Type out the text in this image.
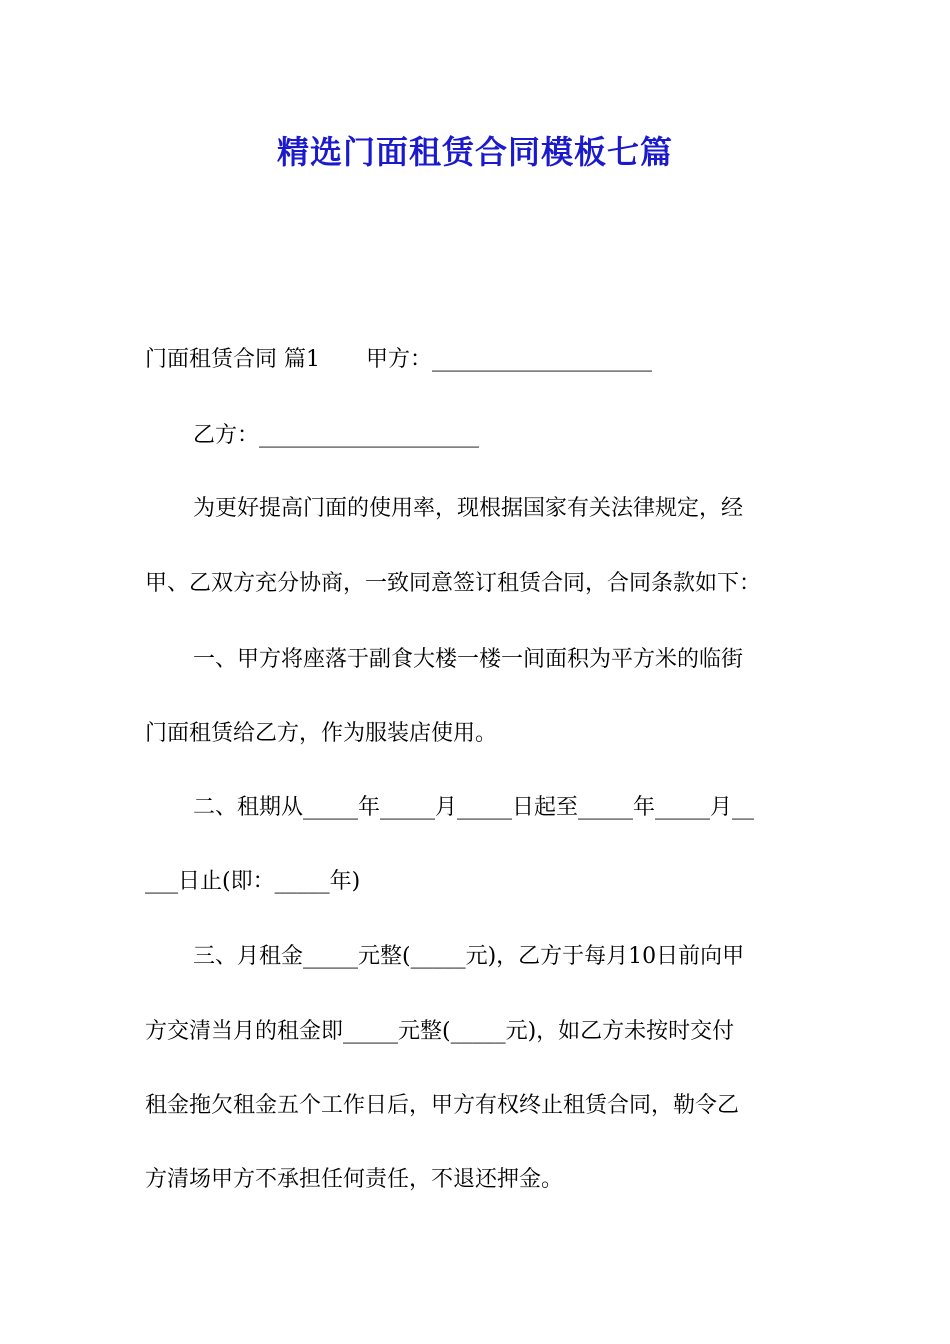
精选门面租赁合同模板七篇
门面租赁合同 篇1 甲方：____________________
乙方：____________________
为更好提高门面的使用率，现根据国家有关法律规定，经
甲、乙双方充分协商，一致同意签订租赁合同，合同条款如下：
一、甲方将座落于副食大楼一楼一间面积为平方米的临街
门面租赁给乙方，作为服装店使用。
二、租期从_____年_____月_____日起至_____年_____月__
___日止(即：_____年)
三、月租金_____元整(_____元)，乙方于每月10日前向甲
方交清当月的租金即_____元整(_____元)，如乙方未按时交付
租金拖欠租金五个工作日后，甲方有权终止租赁合同，勒令乙
方清场甲方不承担任何责任，不退还押金。
